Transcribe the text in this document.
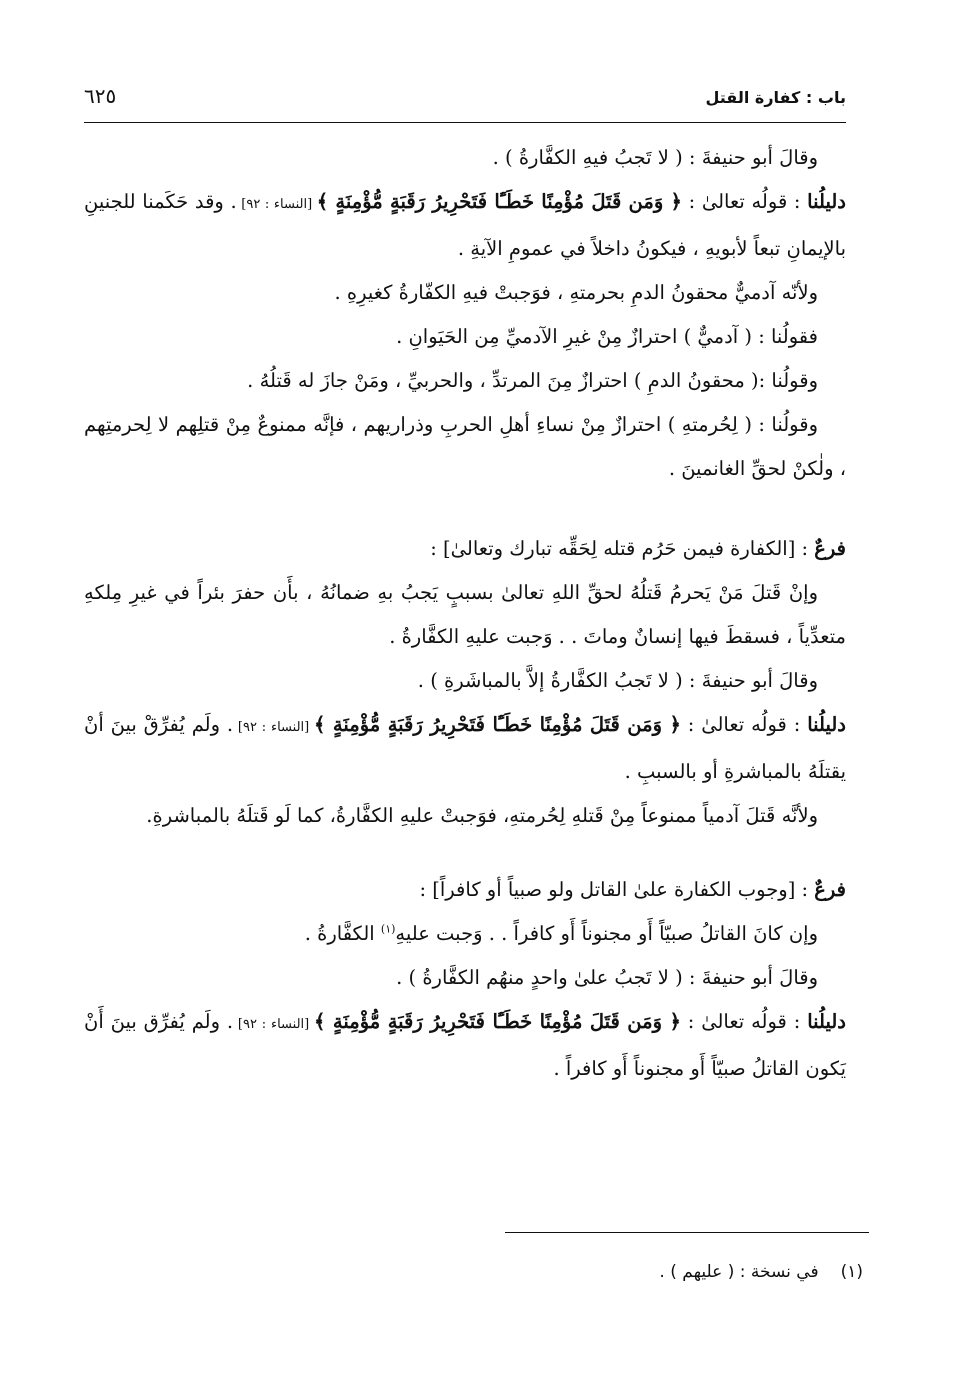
باب : كفارة القتل
٦٢٥

وقالَ أبو حنيفةَ : ( لا تَجبُ فيهِ الكفَّارةُ ) .

دليلُنا : قولُه تعالىٰ : ﴿ وَمَن قَتَلَ مُؤْمِنًا خَطَـًٔا فَتَحْرِيرُ رَقَبَةٍ مُّؤْمِنَةٍ ﴾ [النساء : ٩٢] . وقد حَكَمنا للجنينِ بالإيمانِ تبعاً لأبويهِ ، فيكونُ داخلاً في عمومِ الآيةِ .

ولأنّه آدميٌّ محقونُ الدمِ بحرمتهِ ، فوَجبتْ فيهِ الكفّارةُ كغيرِهِ .

فقولُنا : ( آدميٌّ ) احترازٌ مِنْ غيرِ الآدميِّ مِن الحَيَوانِ .

وقولُنا :( محقونُ الدمِ ) احترازٌ مِنَ المرتدِّ ، والحربيِّ ، ومَنْ جازَ له قَتلُهُ .

وقولُنا : ( لِحُرمتهِ ) احترازٌ مِنْ نساءِ أهلِ الحربِ وذراريهم ، فإنَّه ممنوعٌ مِنْ قتلِهم لا لِحرمتِهم ، ولٰكنْ لحقِّ الغانمينَ .

فرعٌ : [الكفارة فيمن حَرُم قتله لِحَقِّه تبارك وتعالىٰ] :

وإنْ قَتلَ مَنْ يَحرمُ قَتلُهُ لحقِّ اللهِ تعالىٰ بسببٍ يَجبُ بهِ ضمانُهُ ، بأَن حفرَ بئراً في غيرِ مِلكهِ متعدِّياً ، فسقطَ فيها إنسانٌ وماتَ . . وَجبت عليهِ الكفَّارةُ .

وقالَ أبو حنيفةَ : ( لا تَجبُ الكفَّارةُ إلاَّ بالمباشَرةِ ) .

دليلُنا : قولُه تعالىٰ : ﴿ وَمَن قَتَلَ مُؤْمِنًا خَطَـًٔا فَتَحْرِيرُ رَقَبَةٍ مُّؤْمِنَةٍ ﴾ [النساء : ٩٢] . ولَم يُفرِّقْ بينَ أنْ يقتلَهُ بالمباشرةِ أو بالسببِ .

ولأنَّه قَتلَ آدمياً ممنوعاً مِنْ قَتلهِ لِحُرمتهِ، فوَجبتْ عليهِ الكفَّارةُ، كما لَو قَتلَهُ بالمباشرةِ.

فرعٌ : [وجوب الكفارة علىٰ القاتل ولو صبياً أو كافراً] :

وإن كانَ القاتلُ صبيّاً أَو مجنوناً أَو كافراً . . وَجبت عليهِ$^{(١)}$ الكفَّارةُ .

وقالَ أبو حنيفةَ : ( لا تَجبُ علىٰ واحدٍ منهُم الكفَّارةُ ) .

دليلُنا : قولُه تعالىٰ : ﴿ وَمَن قَتَلَ مُؤْمِنًا خَطَـًٔا فَتَحْرِيرُ رَقَبَةٍ مُّؤْمِنَةٍ ﴾ [النساء : ٩٢] . ولَم يُفرِّق بينَ أَنْ يَكون القاتلُ صبيّاً أَو مجنوناً أَو كافراً .

(١)في نسخة : ( عليهم ) .
